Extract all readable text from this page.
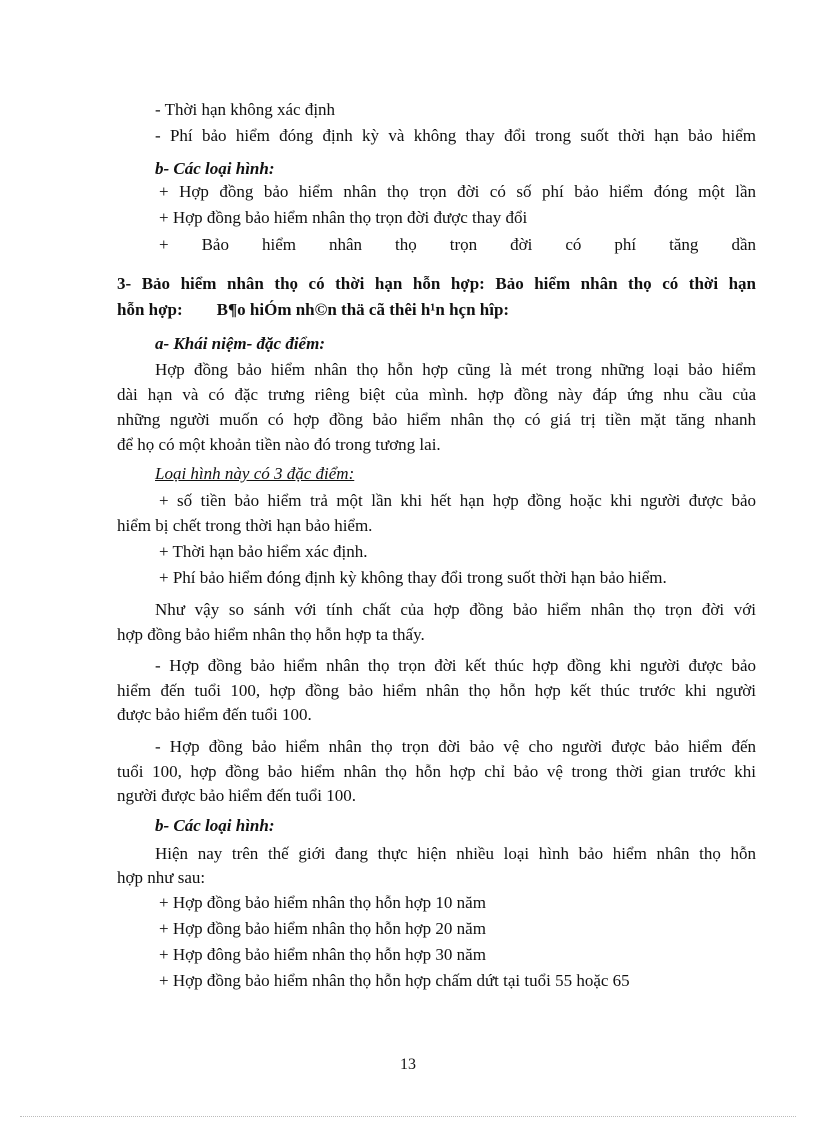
- Thời hạn không xác định
- Phí bảo hiểm đóng định kỳ và không thay đổi trong suốt thời hạn bảo hiểm
b- Các loại hình:
+ Hợp đồng bảo hiểm nhân thọ trọn đời có số phí bảo hiểm đóng một lần
+ Hợp đồng bảo hiểm nhân thọ trọn đời được thay đổi
+ Bảo hiểm nhân thọ trọn đời có phí tăng dần
3- Bảo hiểm nhân thọ có thời hạn hỗn hợp: Bảo hiểm nhân thọ có thời hạn
hỗn hợp:        B¶o hiÓm nh©n thä cã thêi h¹n hçn hîp:
a- Khái niệm- đặc điểm:
Hợp đồng bảo hiểm nhân thọ hỗn hợp cũng là mét trong những loại bảo hiểm
dài hạn và có đặc trưng riêng biệt của mình. hợp đồng này đáp ứng nhu cầu của
những người muốn có hợp đồng bảo hiểm nhân thọ có giá trị tiền mặt tăng nhanh
để họ có một khoản tiền nào đó trong tương lai.
Loại hình này có 3 đặc điểm:
+ số tiền bảo hiểm trả một lần khi hết hạn hợp đồng hoặc khi người được bảo
hiểm bị chết trong thời hạn bảo hiểm.
+ Thời hạn bảo hiểm xác định.
+ Phí bảo hiểm đóng định kỳ không thay đổi trong suốt thời hạn bảo hiểm.
Như vậy so sánh với tính chất của hợp đồng bảo hiểm nhân thọ trọn đời với
hợp đồng bảo hiểm nhân thọ hỗn hợp ta thấy.
- Hợp đồng bảo hiểm nhân thọ trọn đời kết thúc hợp đồng khi người được bảo
hiểm đến tuổi 100, hợp đồng bảo hiểm nhân thọ hỗn hợp kết thúc trước khi người
được bảo hiểm đến tuổi 100.
- Hợp đồng bảo hiểm nhân thọ trọn đời bảo vệ cho người được bảo hiểm đến
tuổi 100, hợp đồng bảo hiểm nhân thọ hỗn hợp chỉ bảo vệ trong thời gian trước khi
người được bảo hiểm đến tuổi 100.
b- Các loại hình:
Hiện nay trên thế giới đang thực hiện nhiều loại hình bảo hiểm nhân thọ hỗn
hợp như sau:
+ Hợp đồng bảo hiểm nhân thọ hỗn hợp 10 năm
+ Hợp đồng bảo hiểm nhân thọ hỗn hợp 20 năm
+ Hợp đông bảo hiểm nhân thọ hỗn hợp 30 năm
+ Hợp đồng bảo hiểm nhân thọ hỗn hợp chấm dứt tại tuổi 55 hoặc 65
13
